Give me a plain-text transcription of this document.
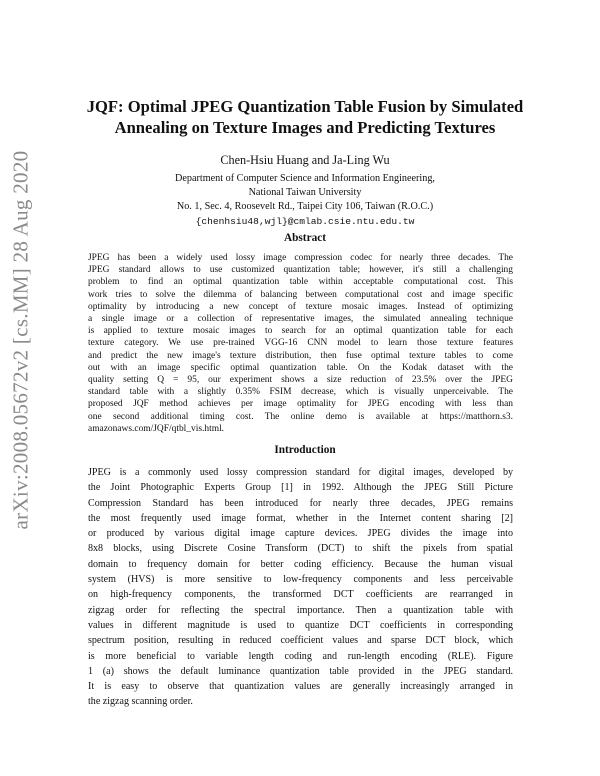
arXiv:2008.05672v2 [cs.MM] 28 Aug 2020
JQF: Optimal JPEG Quantization Table Fusion by Simulated
Annealing on Texture Images and Predicting Textures
Chen-Hsiu Huang and Ja-Ling Wu
Department of Computer Science and Information Engineering,
National Taiwan University
No. 1, Sec. 4, Roosevelt Rd., Taipei City 106, Taiwan (R.O.C.)
{chenhsiu48,wjl}@cmlab.csie.ntu.edu.tw
Abstract
JPEG has been a widely used lossy image compression codec for nearly three decades. The
JPEG standard allows to use customized quantization table; however, it's still a challenging
problem to find an optimal quantization table within acceptable computational cost. This
work tries to solve the dilemma of balancing between computational cost and image specific
optimality by introducing a new concept of texture mosaic images. Instead of optimizing
a single image or a collection of representative images, the simulated annealing technique
is applied to texture mosaic images to search for an optimal quantization table for each
texture category. We use pre-trained VGG-16 CNN model to learn those texture features
and predict the new image's texture distribution, then fuse optimal texture tables to come
out with an image specific optimal quantization table. On the Kodak dataset with the
quality setting Q = 95, our experiment shows a size reduction of 23.5% over the JPEG
standard table with a slightly 0.35% FSIM decrease, which is visually unperceivable. The
proposed JQF method achieves per image optimality for JPEG encoding with less than
one second additional timing cost. The online demo is available at https://matthorn.s3.
amazonaws.com/JQF/qtbl_vis.html.
Introduction
JPEG is a commonly used lossy compression standard for digital images, developed by
the Joint Photographic Experts Group [1] in 1992. Although the JPEG Still Picture
Compression Standard has been introduced for nearly three decades, JPEG remains
the most frequently used image format, whether in the Internet content sharing [2]
or produced by various digital image capture devices. JPEG divides the image into
8x8 blocks, using Discrete Cosine Transform (DCT) to shift the pixels from spatial
domain to frequency domain for better coding efficiency. Because the human visual
system (HVS) is more sensitive to low-frequency components and less perceivable
on high-frequency components, the transformed DCT coefficients are rearranged in
zigzag order for reflecting the spectral importance. Then a quantization table with
values in different magnitude is used to quantize DCT coefficients in corresponding
spectrum position, resulting in reduced coefficient values and sparse DCT block, which
is more beneficial to variable length coding and run-length encoding (RLE). Figure
1 (a) shows the default luminance quantization table provided in the JPEG standard.
It is easy to observe that quantization values are generally increasingly arranged in
the zigzag scanning order.
